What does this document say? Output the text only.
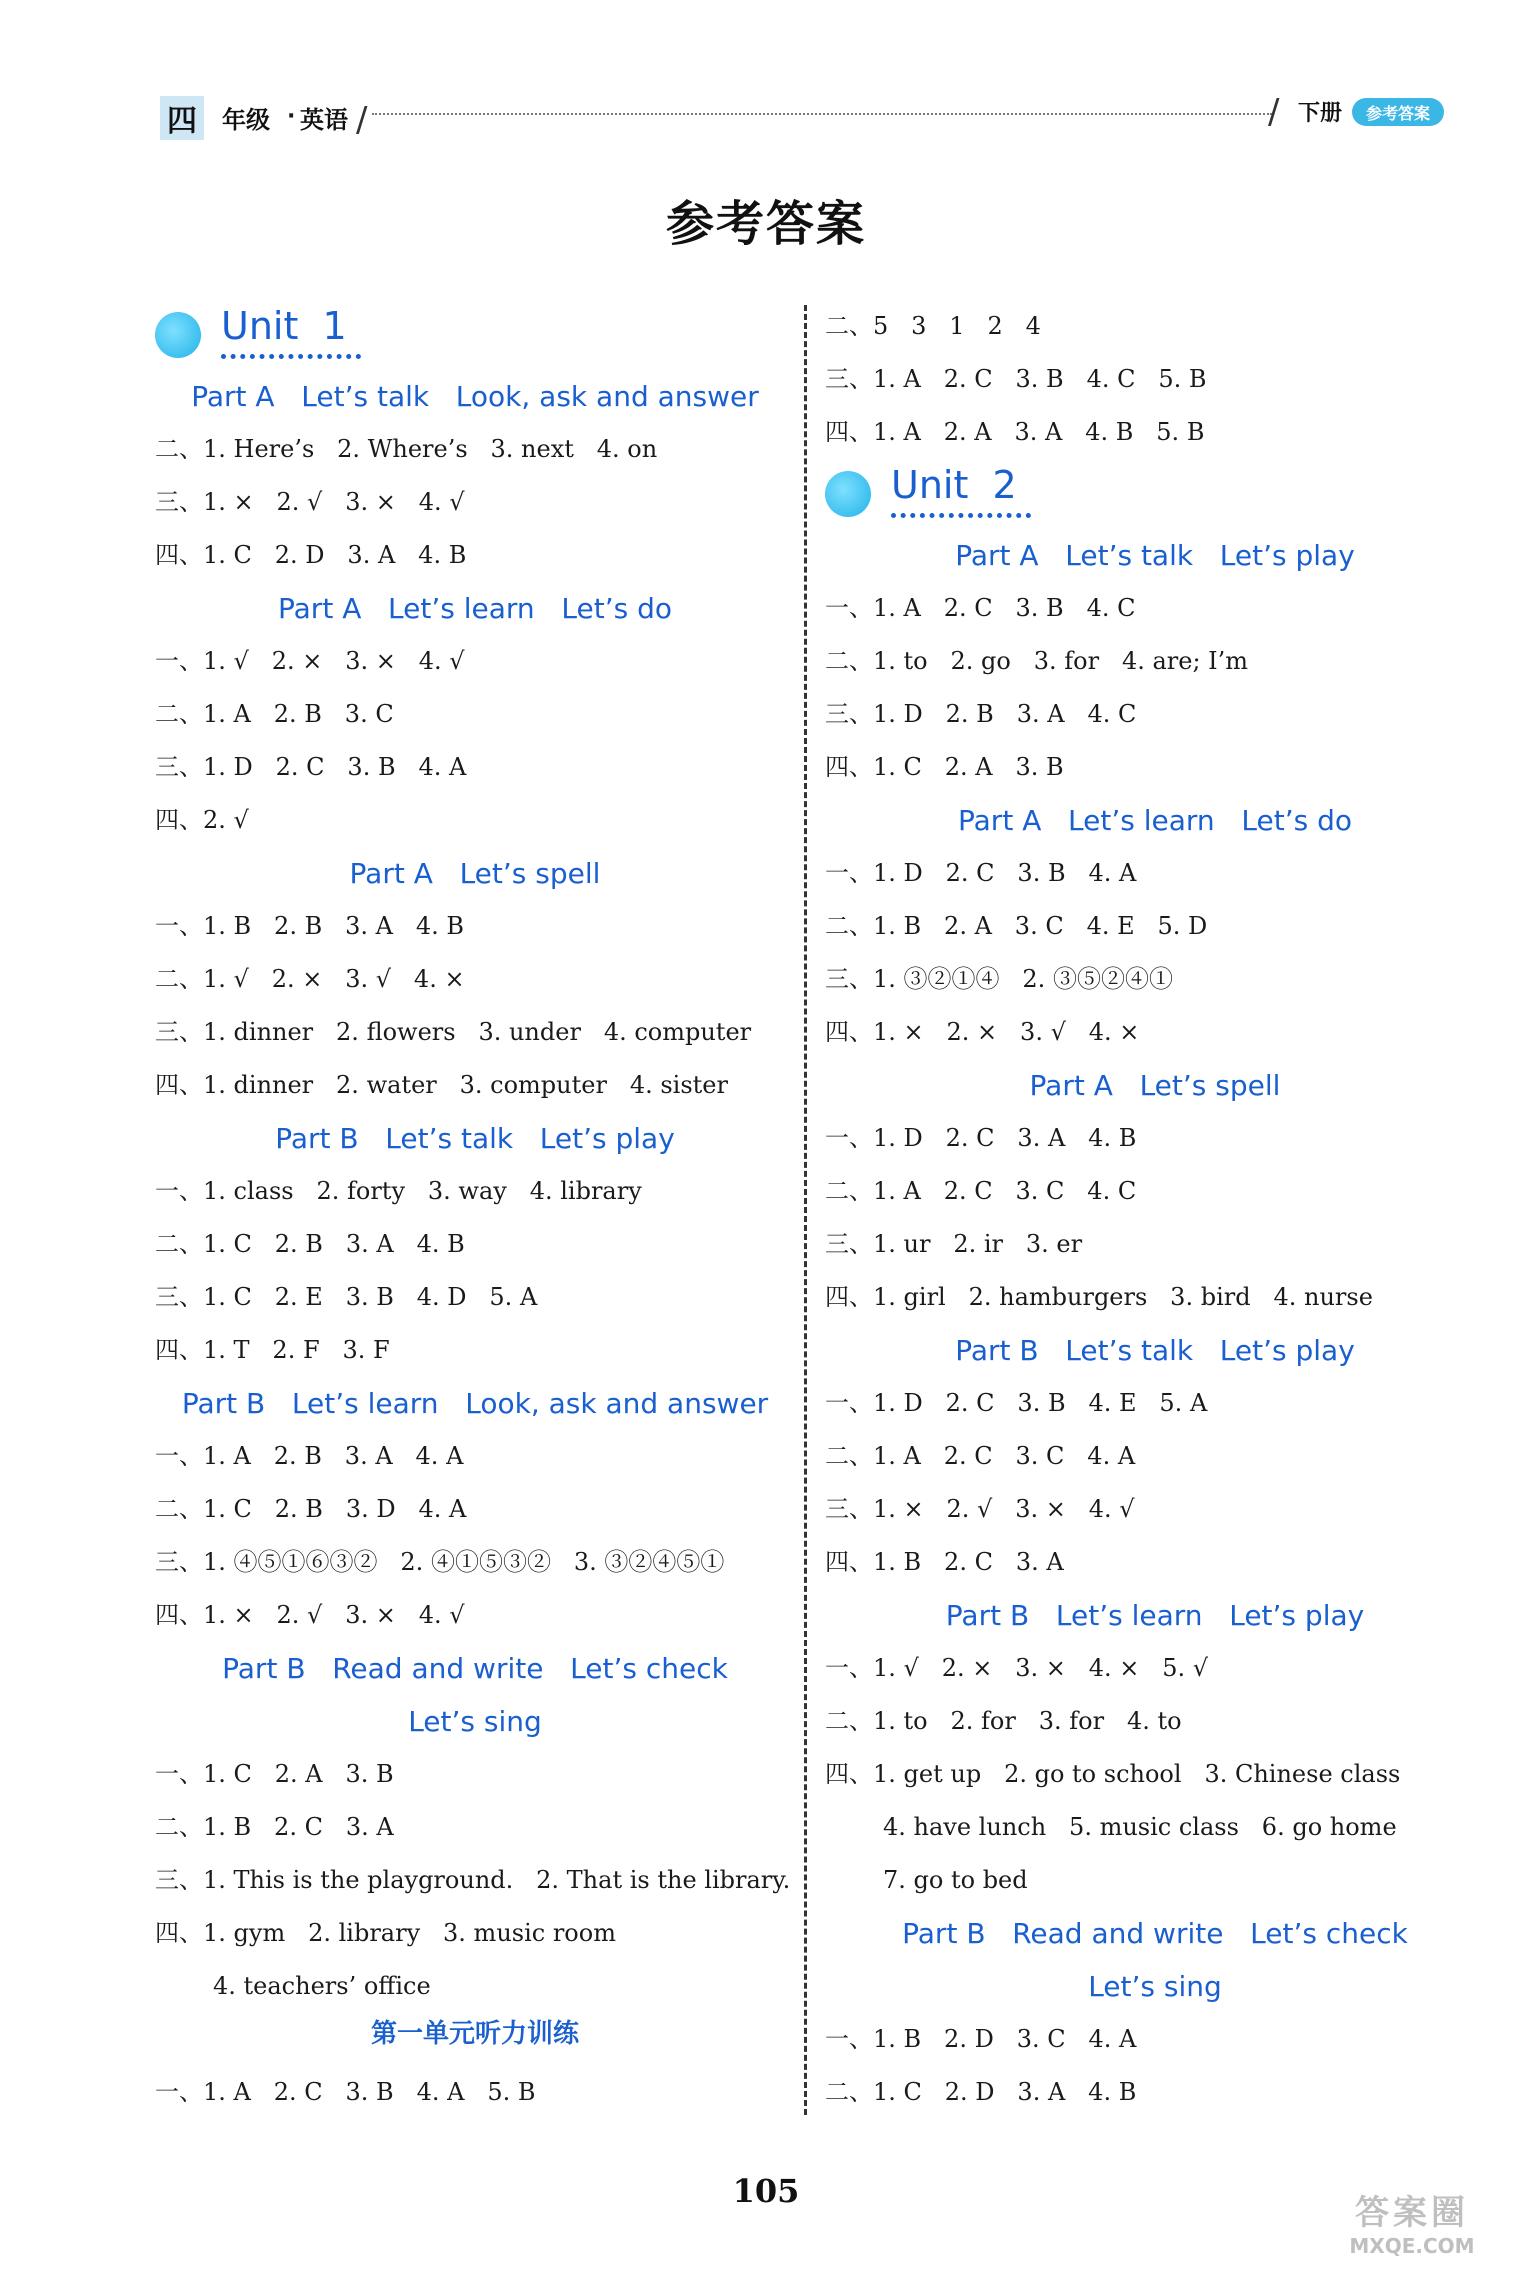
四 年级 · 英语 /	/ 下册	参考答案
参考答案
Unit  1
Part A   Let’s talk   Look, ask and answer
二、1. Here’s   2. Where’s   3. next   4. on
三、1. ×   2. √   3. ×   4. √
四、1. C   2. D   3. A   4. B
Part A   Let’s learn   Let’s do
一、1. √   2. ×   3. ×   4. √
二、1. A   2. B   3. C
三、1. D   2. C   3. B   4. A
四、2. √
Part A   Let’s spell
一、1. B   2. B   3. A   4. B
二、1. √   2. ×   3. √   4. ×
三、1. dinner   2. flowers   3. under   4. computer
四、1. dinner   2. water   3. computer   4. sister
Part B   Let’s talk   Let’s play
一、1. class   2. forty   3. way   4. library
二、1. C   2. B   3. A   4. B
三、1. C   2. E   3. B   4. D   5. A
四、1. T   2. F   3. F
Part B   Let’s learn   Look, ask and answer
一、1. A   2. B   3. A   4. A
二、1. C   2. B   3. D   4. A
三、1. ④⑤①⑥③②   2. ④①⑤③②   3. ③②④⑤①
四、1. ×   2. √   3. ×   4. √
Part B   Read and write   Let’s check
Let’s sing
一、1. C   2. A   3. B
二、1. B   2. C   3. A
三、1. This is the playground.   2. That is the library.
四、1. gym   2. library   3. music room
4. teachers’ office
第一单元听力训练
一、1. A   2. C   3. B   4. A   5. B
二、5   3   1   2   4
三、1. A   2. C   3. B   4. C   5. B
四、1. A   2. A   3. A   4. B   5. B
Unit  2
Part A   Let’s talk   Let’s play
一、1. A   2. C   3. B   4. C
二、1. to   2. go   3. for   4. are; I’m
三、1. D   2. B   3. A   4. C
四、1. C   2. A   3. B
Part A   Let’s learn   Let’s do
一、1. D   2. C   3. B   4. A
二、1. B   2. A   3. C   4. E   5. D
三、1. ③②①④   2. ③⑤②④①
四、1. ×   2. ×   3. √   4. ×
Part A   Let’s spell
一、1. D   2. C   3. A   4. B
二、1. A   2. C   3. C   4. C
三、1. ur   2. ir   3. er
四、1. girl   2. hamburgers   3. bird   4. nurse
Part B   Let’s talk   Let’s play
一、1. D   2. C   3. B   4. E   5. A
二、1. A   2. C   3. C   4. A
三、1. ×   2. √   3. ×   4. √
四、1. B   2. C   3. A
Part B   Let’s learn   Let’s play
一、1. √   2. ×   3. ×   4. ×   5. √
二、1. to   2. for   3. for   4. to
四、1. get up   2. go to school   3. Chinese class
4. have lunch   5. music class   6. go home
7. go to bed
Part B   Read and write   Let’s check
Let’s sing
一、1. B   2. D   3. C   4. A
二、1. C   2. D   3. A   4. B
105
答案圈
MXQE.COM
